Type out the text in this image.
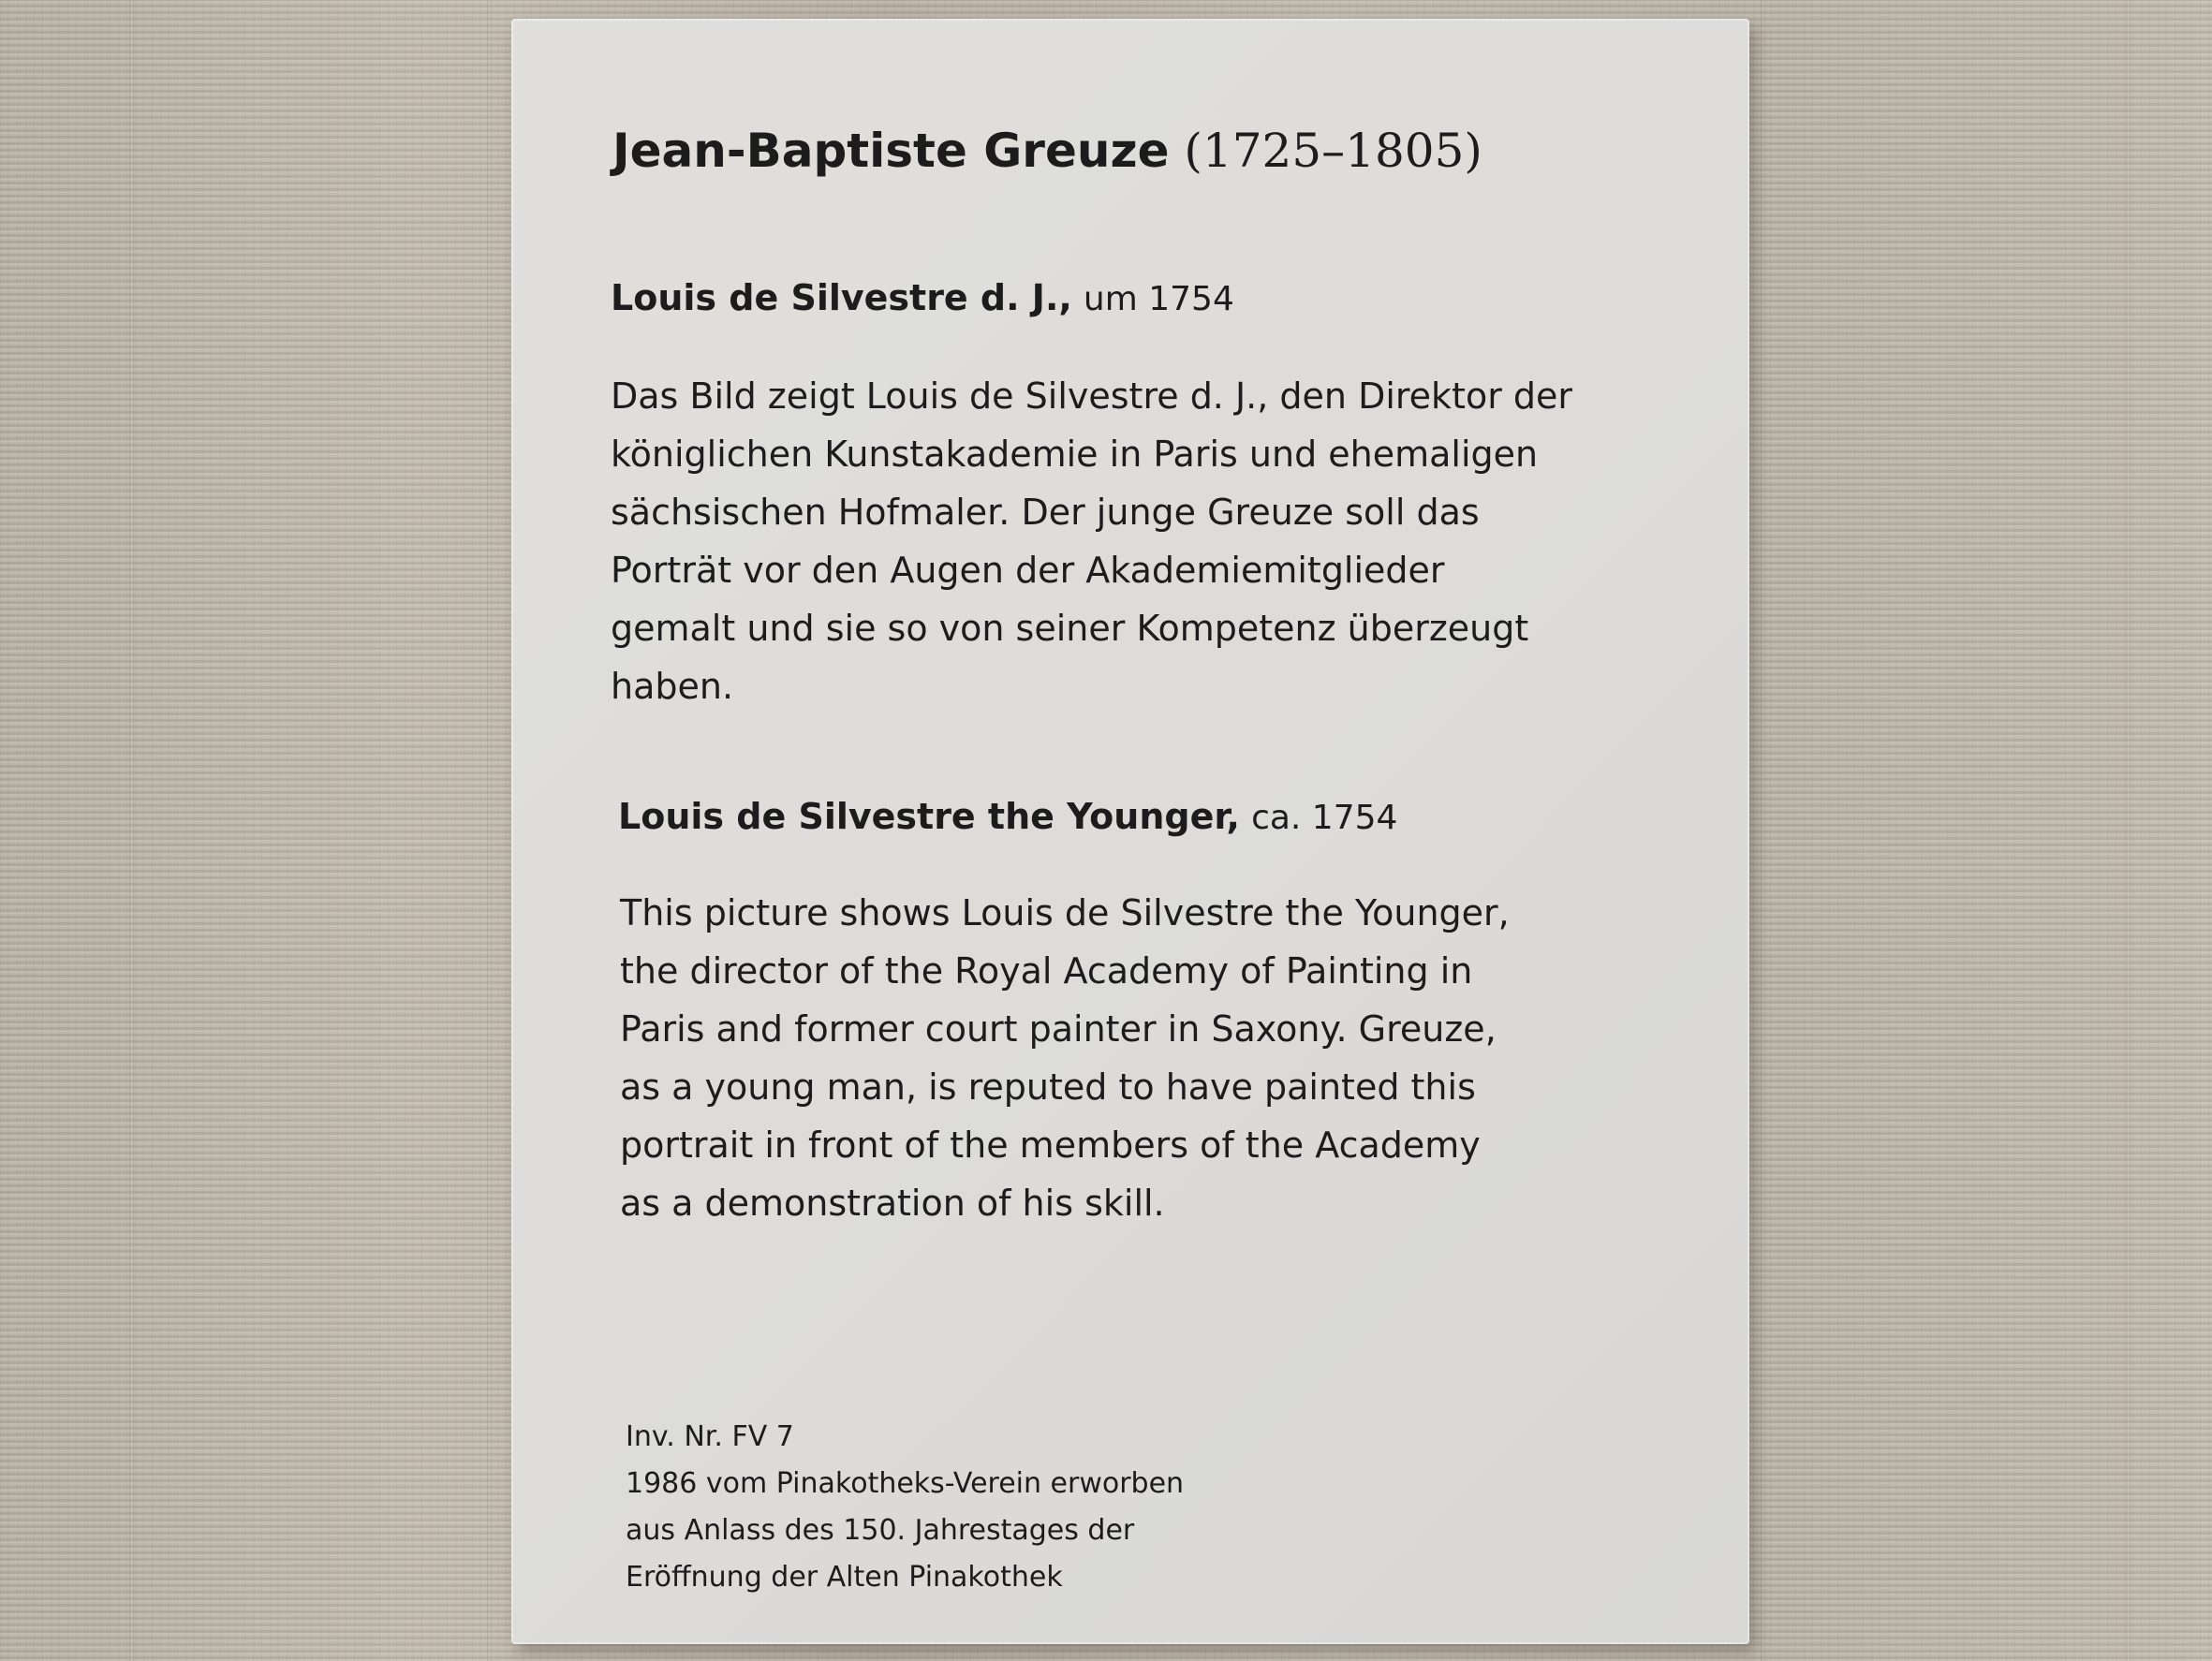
Jean-Baptiste Greuze (1725–1805)
Louis de Silvestre d. J., um 1754
Das Bild zeigt Louis de Silvestre d. J., den Direktor der
königlichen Kunstakademie in Paris und ehemaligen
sächsischen Hofmaler. Der junge Greuze soll das
Porträt vor den Augen der Akademiemitglieder
gemalt und sie so von seiner Kompetenz überzeugt
haben.
Louis de Silvestre the Younger, ca. 1754
This picture shows Louis de Silvestre the Younger,
the director of the Royal Academy of Painting in
Paris and former court painter in Saxony. Greuze,
as a young man, is reputed to have painted this
portrait in front of the members of the Academy
as a demonstration of his skill.
Inv. Nr. FV 7
1986 vom Pinakotheks-Verein erworben
aus Anlass des 150. Jahrestages der
Eröffnung der Alten Pinakothek
